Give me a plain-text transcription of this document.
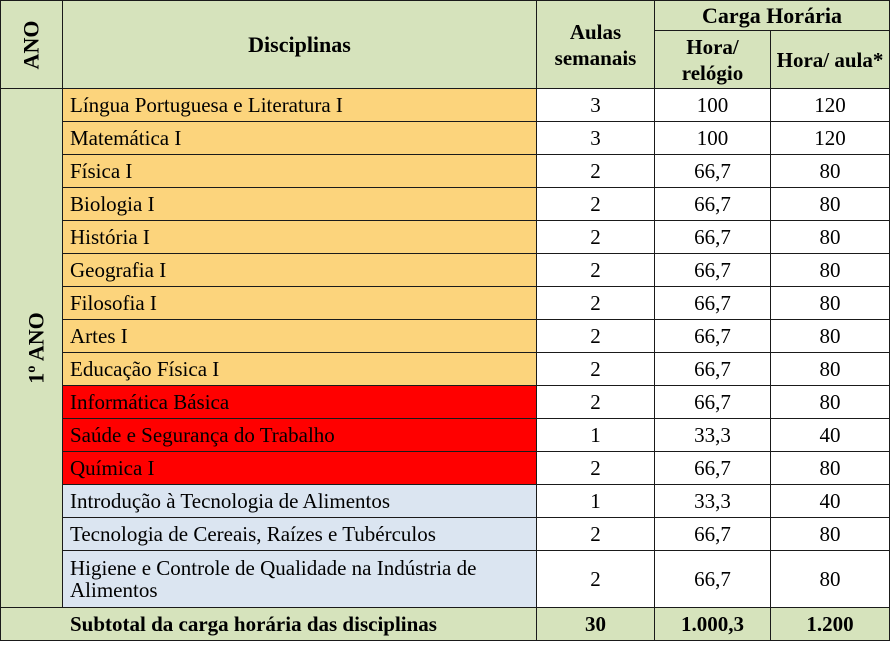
ANO	Disciplinas	Aulas semanais	Carga Horária	
			Hora/ relógio	Hora/ aula*
1º ANO	Língua Portuguesa e Literatura I	3	100	120
	Matemática I	3	100	120
	Física I	2	66,7	80
	Biologia I	2	66,7	80
	História I	2	66,7	80
	Geografia I	2	66,7	80
	Filosofia I	2	66,7	80
	Artes I	2	66,7	80
	Educação Física I	2	66,7	80
	Informática Básica	2	66,7	80
	Saúde e Segurança do Trabalho	1	33,3	40
	Química I	2	66,7	80
	Introdução à Tecnologia de Alimentos	1	33,3	40
	Tecnologia de Cereais, Raízes e Tubérculos	2	66,7	80
	Higiene e Controle de Qualidade na Indústria de Alimentos	2	66,7	80
Subtotal da carga horária das disciplinas		30	1.000,3	1.200
